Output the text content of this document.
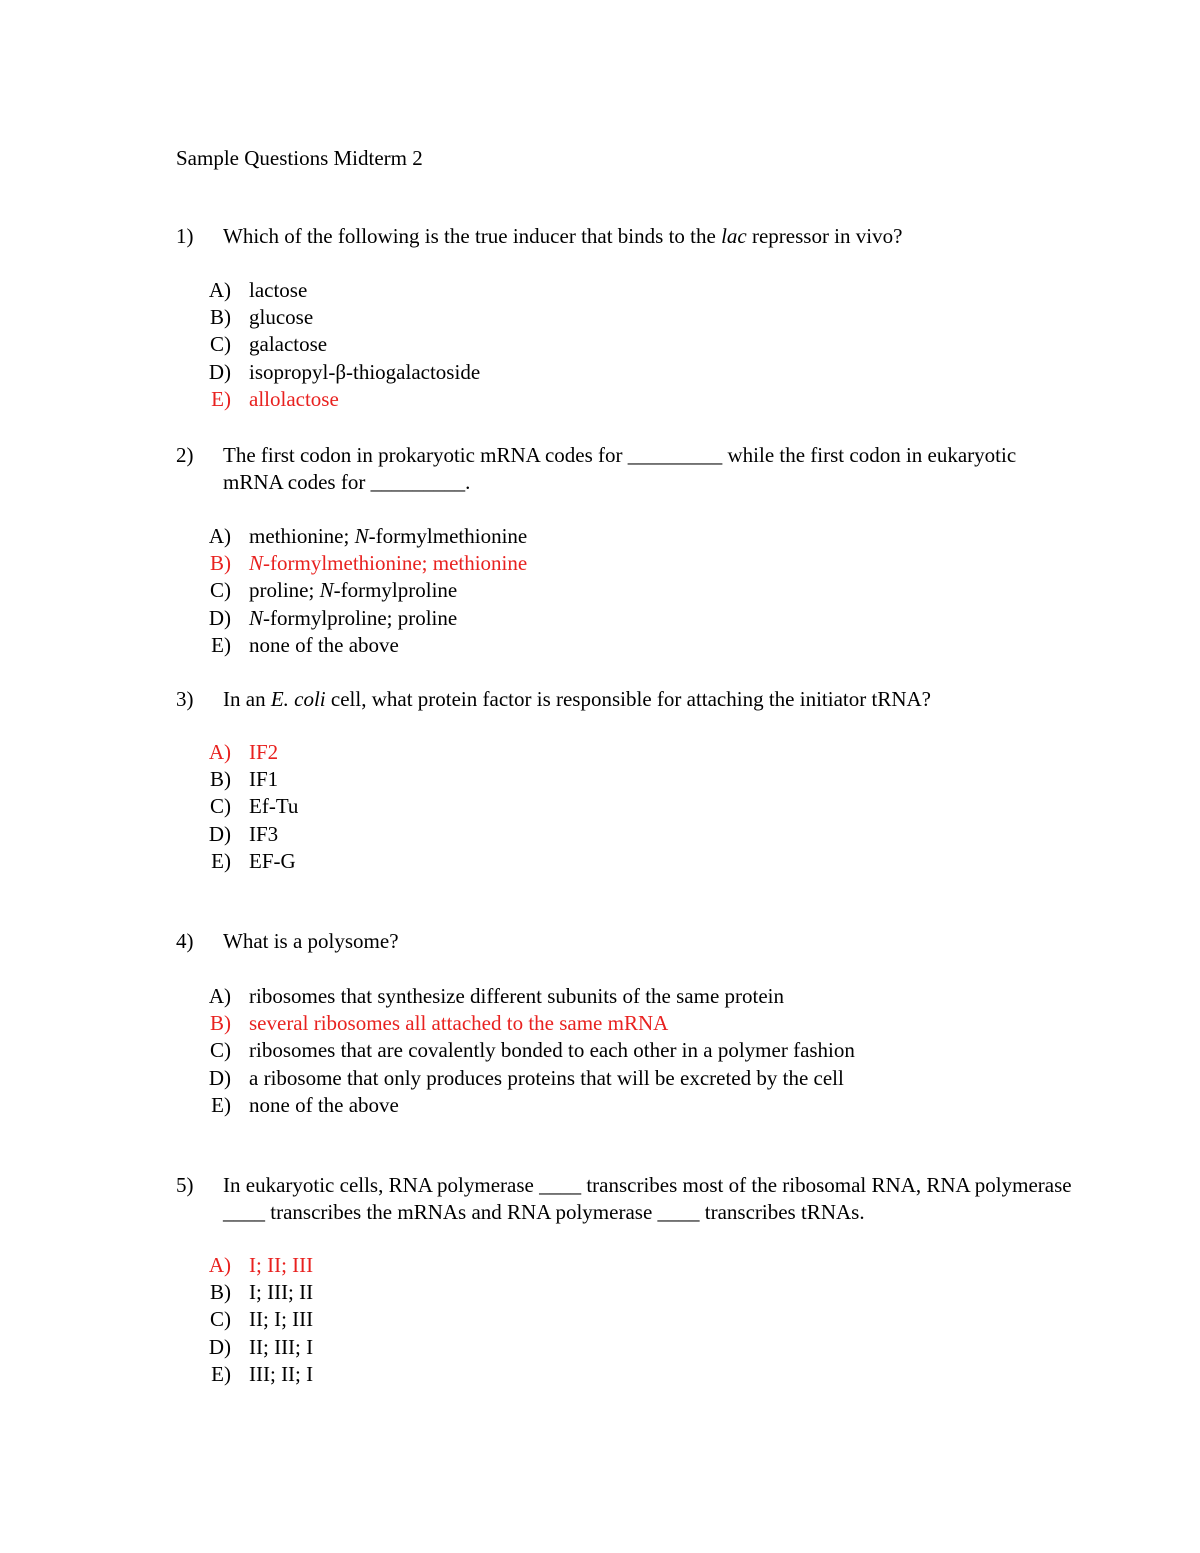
Sample Questions Midterm 2
1) Which of the following is the true inducer that binds to the lac repressor in vivo?
A) lactose
B) glucose
C) galactose
D) isopropyl-β-thiogalactoside
E) allolactose
2) The first codon in prokaryotic mRNA codes for _________ while the first codon in eukaryotic mRNA codes for _________.
A) methionine; N-formylmethionine
B) N-formylmethionine; methionine
C) proline; N-formylproline
D) N-formylproline; proline
E) none of the above
3) In an E. coli cell, what protein factor is responsible for attaching the initiator tRNA?
A) IF2
B) IF1
C) Ef-Tu
D) IF3
E) EF-G
4) What is a polysome?
A) ribosomes that synthesize different subunits of the same protein
B) several ribosomes all attached to the same mRNA
C) ribosomes that are covalently bonded to each other in a polymer fashion
D) a ribosome that only produces proteins that will be excreted by the cell
E) none of the above
5) In eukaryotic cells, RNA polymerase ____ transcribes most of the ribosomal RNA, RNA polymerase ____ transcribes the mRNAs and RNA polymerase ____ transcribes tRNAs.
A) I; II; III
B) I; III; II
C) II; I; III
D) II; III; I
E) III; II; I
